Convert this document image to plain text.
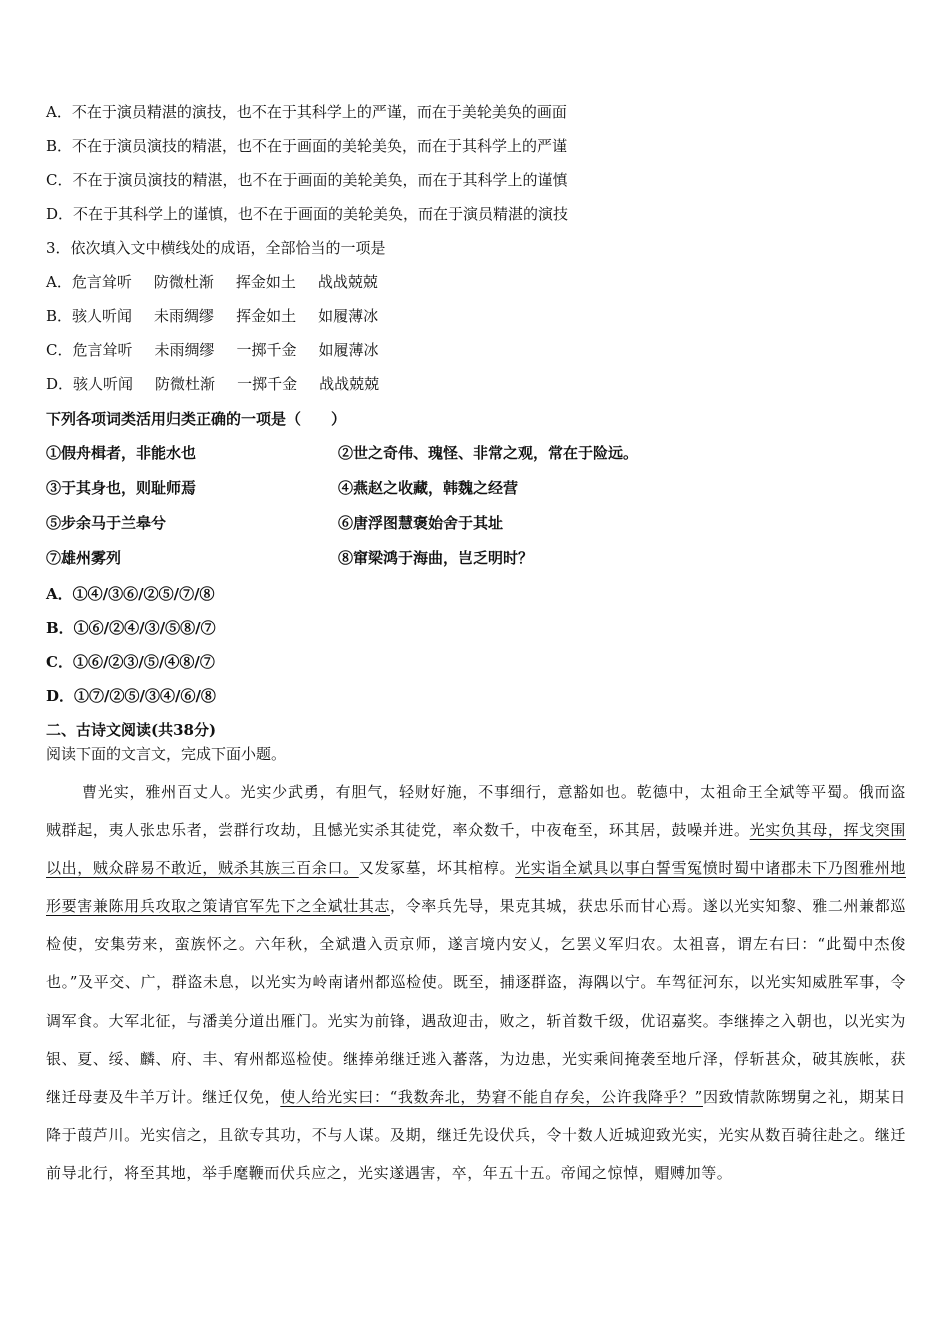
A．不在于演员精湛的演技，也不在于其科学上的严谨，而在于美轮美奂的画面
B．不在于演员演技的精湛，也不在于画面的美轮美奂，而在于其科学上的严谨
C．不在于演员演技的精湛，也不在于画面的美轮美奂，而在于其科学上的谨慎
D．不在于其科学上的谨慎，也不在于画面的美轮美奂，而在于演员精湛的演技
3．依次填入文中横线处的成语，全部恰当的一项是
A．危言耸听 防微杜渐 挥金如土 战战兢兢
B．骇人听闻 未雨绸缪 挥金如土 如履薄冰
C．危言耸听 未雨绸缪 一掷千金 如履薄冰
D．骇人听闻 防微杜渐 一掷千金 战战兢兢
下列各项词类活用归类正确的一项是（　　）
①假舟楫者，非能水也	②世之奇伟、瑰怪、非常之观，常在于险远。
③于其身也，则耻师焉	④燕赵之收藏，韩魏之经营
⑤步余马于兰皋兮	⑥唐浮图慧褒始舍于其址
⑦雄州雾列	⑧窜梁鸿于海曲，岂乏明时？
A．①④/③⑥/②⑤/⑦/⑧
B．①⑥/②④/③/⑤⑧/⑦
C．①⑥/②③/⑤/④⑧/⑦
D．①⑦/②⑤/③④/⑥/⑧
二、古诗文阅读(共38分)
阅读下面的文言文，完成下面小题。

曹光实，雅州百丈人。光实少武勇，有胆气，轻财好施，不事细行，意豁如也。乾德中，太祖命王全斌等平蜀。俄而盗贼群起，夷人张忠乐者，尝群行攻劫，且憾光实杀其徒党，率众数千，中夜奄至，环其居，鼓噪并进。光实负其母，挥戈突围以出，贼众辟易不敢近，贼杀其族三百余口。又发冢墓，坏其棺椁。光实诣全斌具以事白誓雪冤愤时蜀中诸郡未下乃图雅州地形要害兼陈用兵攻取之策请官军先下之全斌壮其志，令率兵先导，果克其城，获忠乐而甘心焉。遂以光实知黎、雅二州兼都巡检使，安集劳来，蛮族怀之。六年秋，全斌遣入贡京师，遂言境内安乂，乞罢义军归农。太祖喜，谓左右曰：“此蜀中杰俊也。”及平交、广，群盗未息，以光实为岭南诸州都巡检使。既至，捕逐群盗，海隅以宁。车驾征河东，以光实知威胜军事，令调军食。大军北征，与潘美分道出雁门。光实为前锋，遇敌迎击，败之，斩首数千级，优诏嘉奖。李继捧之入朝也，以光实为银、夏、绥、麟、府、丰、宥州都巡检使。继捧弟继迁逃入蕃落，为边患，光实乘间掩袭至地斤泽，俘斩甚众，破其族帐，获继迁母妻及牛羊万计。继迁仅免，使人给光实曰：“我数奔北，势窘不能自存矣，公许我降乎？”因致情款陈甥舅之礼，期某日降于葭芦川。光实信之，且欲专其功，不与人谋。及期，继迁先设伏兵，令十数人近城迎致光实，光实从数百骑往赴之。继迁前导北行，将至其地，举手麾鞭而伏兵应之，光实遂遇害，卒，年五十五。帝闻之惊悼，赗赙加等。
